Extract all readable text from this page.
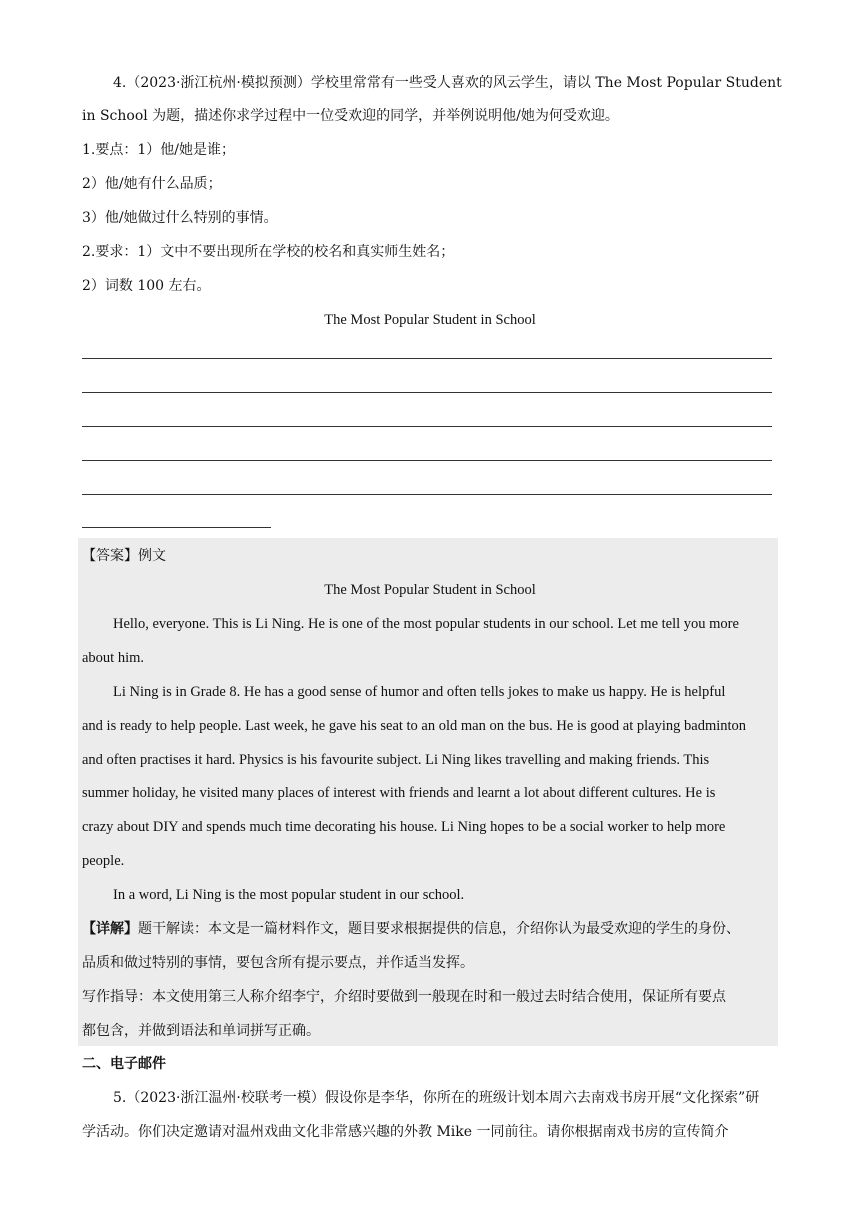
4.（2023·浙江杭州·模拟预测）学校里常常有一些受人喜欢的风云学生，请以 The Most Popular Student
in School 为题，描述你求学过程中一位受欢迎的同学，并举例说明他/她为何受欢迎。
1.要点：1）他/她是谁；
2）他/她有什么品质；
3）他/她做过什么特别的事情。
2.要求：1）文中不要出现所在学校的校名和真实师生姓名；
2）词数 100 左右。
The Most Popular Student in School
【答案】例文
The Most Popular Student in School
Hello, everyone. This is Li Ning. He is one of the most popular students in our school. Let me tell you more
about him.
Li Ning is in Grade 8. He has a good sense of humor and often tells jokes to make us happy. He is helpful
and is ready to help people. Last week, he gave his seat to an old man on the bus. He is good at playing badminton
and often practises it hard. Physics is his favourite subject. Li Ning likes travelling and making friends. This
summer holiday, he visited many places of interest with friends and learnt a lot about different cultures. He is
crazy about DIY and spends much time decorating his house. Li Ning hopes to be a social worker to help more
people.
In a word, Li Ning is the most popular student in our school.
【详解】题干解读：本文是一篇材料作文，题目要求根据提供的信息，介绍你认为最受欢迎的学生的身份、
品质和做过特别的事情，要包含所有提示要点，并作适当发挥。
写作指导：本文使用第三人称介绍李宁，介绍时要做到一般现在时和一般过去时结合使用，保证所有要点
都包含，并做到语法和单词拼写正确。
二、电子邮件
5.（2023·浙江温州·校联考一模）假设你是李华，你所在的班级计划本周六去南戏书房开展“文化探索”研
学活动。你们决定邀请对温州戏曲文化非常感兴趣的外教 Mike 一同前往。请你根据南戏书房的宣传简介
